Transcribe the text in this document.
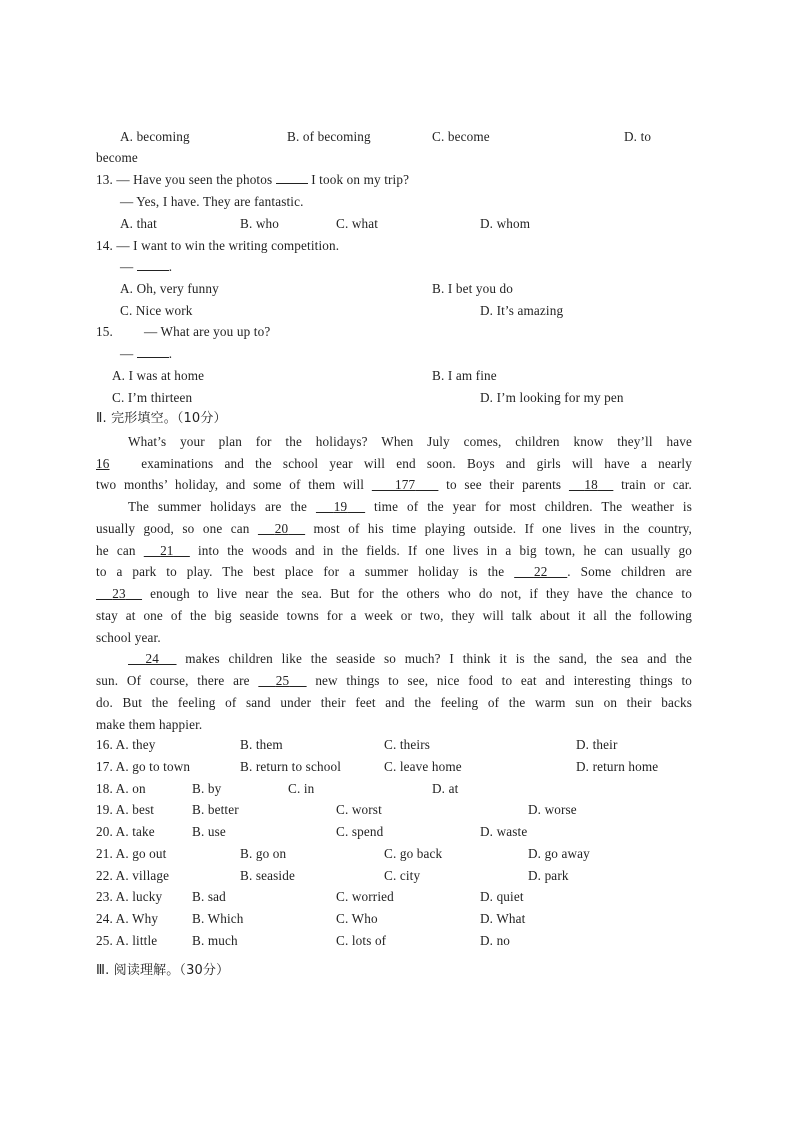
A. becoming	B. of becoming	C. become	D. to
become
13. — Have you seen the photos	I took on my trip?
— Yes, I have. They are fantastic.
A. that	B. who	C. what	D. whom
14. — I want to win the writing competition.
—	.
A. Oh, very funny	B. I bet you do
C. Nice work	D. It’s amazing
15. — What are you up to?
—	.
A. I was at home	B. I am fine
C. I’m thirteen	D. I’m looking for my pen
Ⅱ. 完形填空。（10分）
What’s your plan for the holidays? When July comes, children know they’ll have
16 examinations and the school year will end soon. Boys and girls will have a nearly
two months’ holiday, and some of them will 177 to see their parents 18 train or car.
The summer holidays are the 19 time of the year for most children. The weather is
usually good, so one can 20 most of his time playing outside. If one lives in the country,
he can 21 into the woods and in the fields. If one lives in a big town, he can usually go
to a park to play. The best place for a summer holiday is the 22 . Some children are
23 enough to live near the sea. But for the others who do not, if they have the chance to
stay at one of the big seaside towns for a week or two, they will talk about it all the following
school year.
24 makes children like the seaside so much? I think it is the sand, the sea and the
sun. Of course, there are 25 new things to see, nice food to eat and interesting things to
do. But the feeling of sand under their feet and the feeling of the warm sun on their backs
make them happier.
16. A. they	B. them	C. theirs	D. their
17. A. go to town	B. return to school	C. leave home	D. return home
18. A. on	B. by	C. in	D. at
19. A. best	B. better	C. worst	D. worse
20. A. take	B. use	C. spend	D. waste
21. A. go out	B. go on	C. go back	D. go away
22. A. village	B. seaside	C. city	D. park
23. A. lucky B. sad	C. worried	D. quiet
24. A. Why	B. Which	C. Who	D. What
25. A. little	B. much	C. lots of	D. no
Ⅲ. 阅读理解。（30分）
